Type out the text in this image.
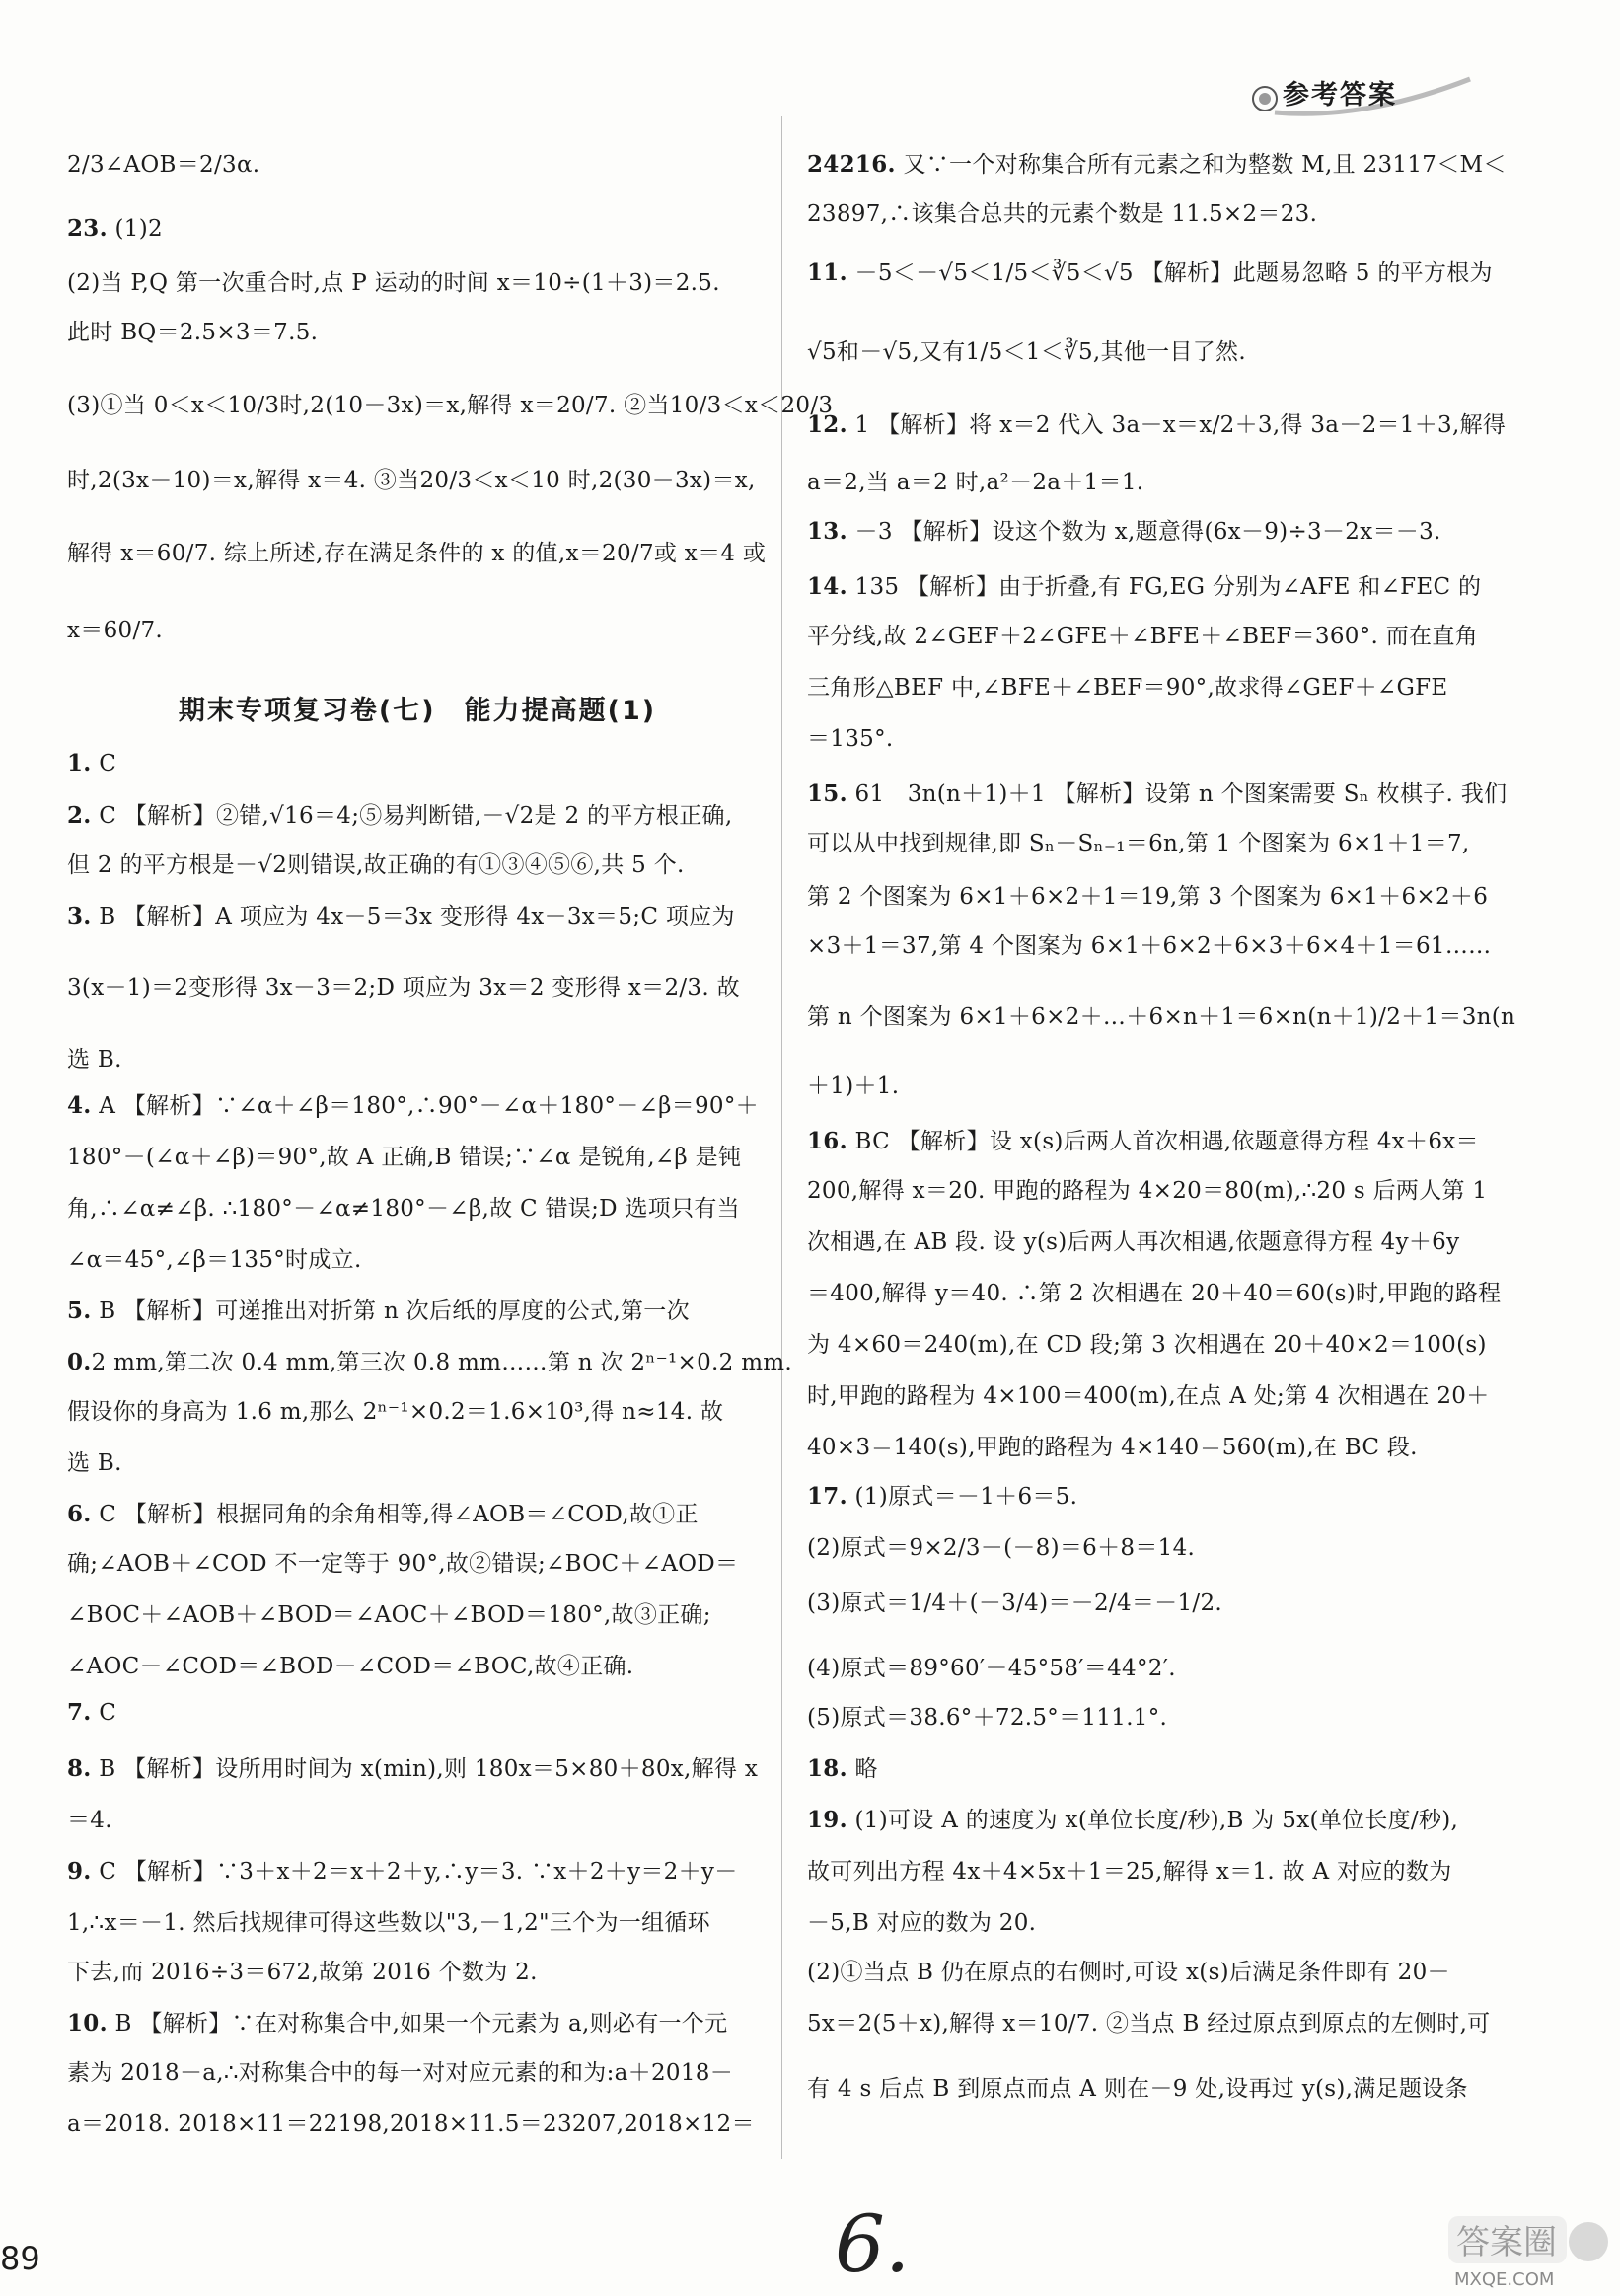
参考答案
2/3∠AOB＝2/3α.
23. (1)2
(2)当 P,Q 第一次重合时,点 P 运动的时间 x＝10÷(1＋3)＝2.5.
此时 BQ＝2.5×3＝7.5.
(3)①当 0＜x＜10/3时,2(10－3x)＝x,解得 x＝20/7. ②当10/3＜x＜20/3
时,2(3x－10)＝x,解得 x＝4. ③当20/3＜x＜10 时,2(30－3x)＝x,
解得 x＝60/7. 综上所述,存在满足条件的 x 的值,x＝20/7或 x＝4 或
x＝60/7.
1. C
2. C 【解析】②错,√16＝4;⑤易判断错,－√2是 2 的平方根正确,
但 2 的平方根是－√2则错误,故正确的有①③④⑤⑥,共 5 个.
3. B 【解析】A 项应为 4x－5＝3x 变形得 4x－3x＝5;C 项应为
3(x－1)＝2变形得 3x－3＝2;D 项应为 3x＝2 变形得 x＝2/3. 故
选 B.
4. A 【解析】∵∠α＋∠β＝180°,∴90°－∠α＋180°－∠β＝90°＋
180°－(∠α＋∠β)＝90°,故 A 正确,B 错误;∵∠α 是锐角,∠β 是钝
角,∴∠α≠∠β. ∴180°－∠α≠180°－∠β,故 C 错误;D 选项只有当
∠α＝45°,∠β＝135°时成立.
5. B 【解析】可递推出对折第 n 次后纸的厚度的公式,第一次
0.2 mm,第二次 0.4 mm,第三次 0.8 mm……第 n 次 2ⁿ⁻¹×0.2 mm.
假设你的身高为 1.6 m,那么 2ⁿ⁻¹×0.2＝1.6×10³,得 n≈14. 故
选 B.
6. C 【解析】根据同角的余角相等,得∠AOB＝∠COD,故①正
确;∠AOB＋∠COD 不一定等于 90°,故②错误;∠BOC＋∠AOD＝
∠BOC＋∠AOB＋∠BOD＝∠AOC＋∠BOD＝180°,故③正确;
∠AOC－∠COD＝∠BOD－∠COD＝∠BOC,故④正确.
7. C
8. B 【解析】设所用时间为 x(min),则 180x＝5×80＋80x,解得 x
＝4.
9. C 【解析】∵3＋x＋2＝x＋2＋y,∴y＝3. ∵x＋2＋y＝2＋y－
1,∴x＝－1. 然后找规律可得这些数以"3,－1,2"三个为一组循环
下去,而 2016÷3＝672,故第 2016 个数为 2.
10. B 【解析】∵在对称集合中,如果一个元素为 a,则必有一个元
素为 2018－a,∴对称集合中的每一对对应元素的和为:a＋2018－
a＝2018. 2018×11＝22198,2018×11.5＝23207,2018×12＝
期末专项复习卷(七)　能力提高题(1)
24216. 又∵一个对称集合所有元素之和为整数 M,且 23117＜M＜
23897,∴该集合总共的元素个数是 11.5×2＝23.
11. －5＜－√5＜1/5＜∛5＜√5 【解析】此题易忽略 5 的平方根为
√5和－√5,又有1/5＜1＜∛5,其他一目了然.
12. 1 【解析】将 x＝2 代入 3a－x＝x/2＋3,得 3a－2＝1＋3,解得
a＝2,当 a＝2 时,a²－2a＋1＝1.
13. －3 【解析】设这个数为 x,题意得(6x－9)÷3－2x＝－3.
14. 135 【解析】由于折叠,有 FG,EG 分别为∠AFE 和∠FEC 的
平分线,故 2∠GEF＋2∠GFE＋∠BFE＋∠BEF＝360°. 而在直角
三角形△BEF 中,∠BFE＋∠BEF＝90°,故求得∠GEF＋∠GFE
＝135°.
15. 61　3n(n＋1)＋1 【解析】设第 n 个图案需要 Sₙ 枚棋子. 我们
可以从中找到规律,即 Sₙ－Sₙ₋₁＝6n,第 1 个图案为 6×1＋1＝7,
第 2 个图案为 6×1＋6×2＋1＝19,第 3 个图案为 6×1＋6×2＋6
×3＋1＝37,第 4 个图案为 6×1＋6×2＋6×3＋6×4＋1＝61……
第 n 个图案为 6×1＋6×2＋…＋6×n＋1＝6×n(n＋1)/2＋1＝3n(n
＋1)＋1.
16. BC 【解析】设 x(s)后两人首次相遇,依题意得方程 4x＋6x＝
200,解得 x＝20. 甲跑的路程为 4×20＝80(m),∴20 s 后两人第 1
次相遇,在 AB 段. 设 y(s)后两人再次相遇,依题意得方程 4y＋6y
＝400,解得 y＝40. ∴第 2 次相遇在 20＋40＝60(s)时,甲跑的路程
为 4×60＝240(m),在 CD 段;第 3 次相遇在 20＋40×2＝100(s)
时,甲跑的路程为 4×100＝400(m),在点 A 处;第 4 次相遇在 20＋
40×3＝140(s),甲跑的路程为 4×140＝560(m),在 BC 段.
17. (1)原式＝－1＋6＝5.
(2)原式＝9×2/3－(－8)＝6＋8＝14.
(3)原式＝1/4＋(－3/4)＝－2/4＝－1/2.
(4)原式＝89°60′－45°58′＝44°2′.
(5)原式＝38.6°＋72.5°＝111.1°.
18. 略
19. (1)可设 A 的速度为 x(单位长度/秒),B 为 5x(单位长度/秒),
故可列出方程 4x＋4×5x＋1＝25,解得 x＝1. 故 A 对应的数为
－5,B 对应的数为 20.
(2)①当点 B 仍在原点的右侧时,可设 x(s)后满足条件即有 20－
5x＝2(5＋x),解得 x＝10/7. ②当点 B 经过原点到原点的左侧时,可
有 4 s 后点 B 到原点而点 A 则在－9 处,设再过 y(s),满足题设条
89	6.	答案圈
MXQE.COM
